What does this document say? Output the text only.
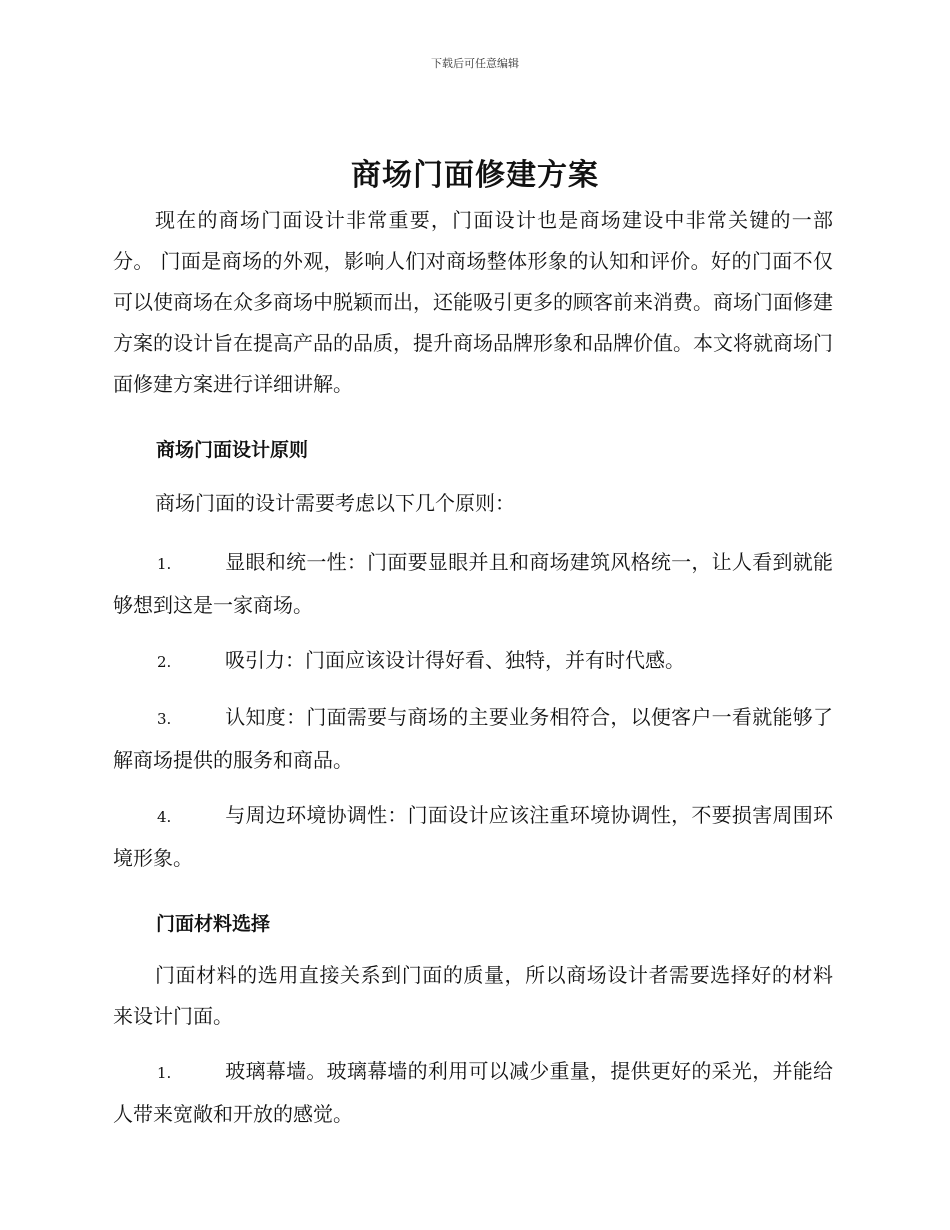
下载后可任意编辑
商场门面修建方案

现在的商场门面设计非常重要，门面设计也是商场建设中非常关键的一部分。 门面是商场的外观，影响人们对商场整体形象的认知和评价。好的门面不仅可以使商场在众多商场中脱颖而出，还能吸引更多的顾客前来消费。商场门面修建方案的设计旨在提高产品的品质，提升商场品牌形象和品牌价值。本文将就商场门面修建方案进行详细讲解。

商场门面设计原则

商场门面的设计需要考虑以下几个原则：

1.	显眼和统一性：门面要显眼并且和商场建筑风格统一，让人看到就能够想到这是一家商场。
2.	吸引力：门面应该设计得好看、独特，并有时代感。
3.	认知度：门面需要与商场的主要业务相符合，以便客户一看就能够了解商场提供的服务和商品。
4.	与周边环境协调性：门面设计应该注重环境协调性，不要损害周围环境形象。
门面材料选择

门面材料的选用直接关系到门面的质量，所以商场设计者需要选择好的材料来设计门面。

1.	玻璃幕墙。玻璃幕墙的利用可以减少重量，提供更好的采光，并能给人带来宽敞和开放的感觉。
